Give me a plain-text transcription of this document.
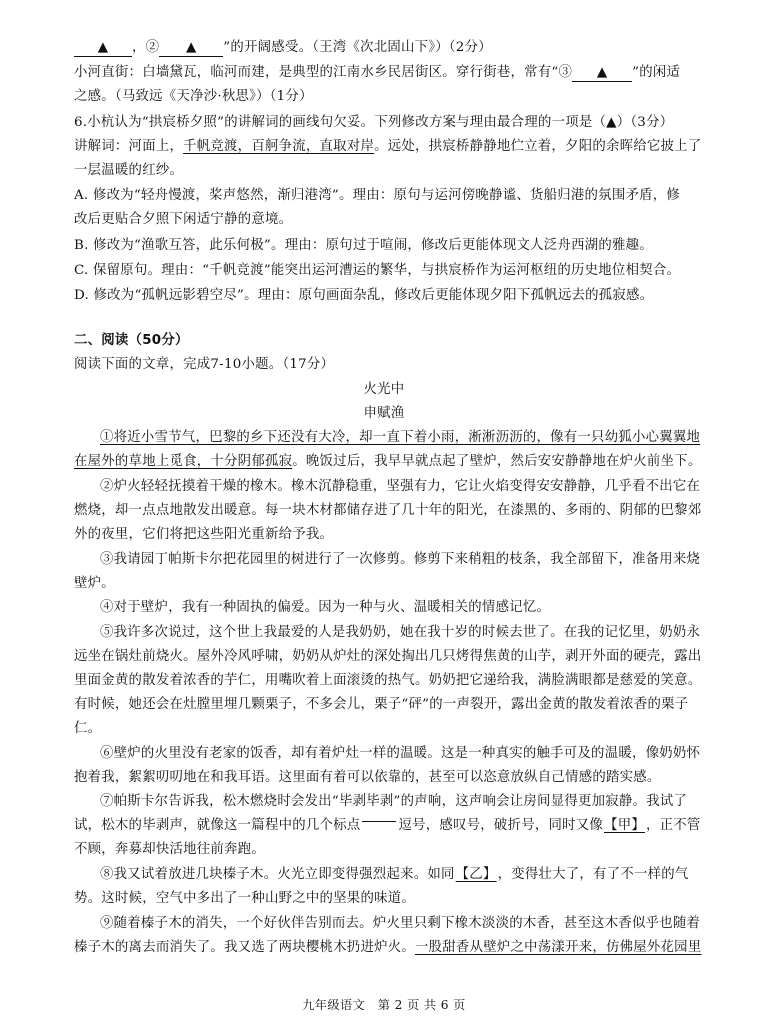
▲ ，② ▲ ”的开阔感受。（王湾《次北固山下》）（2分）
小河直街：白墙黛瓦，临河而建，是典型的江南水乡民居街区。穿行街巷，常有“③ ▲ ”的闲适
之感。（马致远《天净沙·秋思》）（1分）
6.小杭认为“拱宸桥夕照”的讲解词的画线句欠妥。下列修改方案与理由最合理的一项是（▲）（3分）
讲解词：河面上，千帆竞渡，百舸争流，直取对岸。远处，拱宸桥静静地伫立着，夕阳的余晖给它披上了
一层温暖的红纱。
A. 修改为“轻舟慢渡，桨声悠然，渐归港湾”。理由：原句与运河傍晚静谧、货船归港的氛围矛盾，修
改后更贴合夕照下闲适宁静的意境。
B. 修改为“渔歌互答，此乐何极”。理由：原句过于喧闹，修改后更能体现文人泛舟西湖的雅趣。
C. 保留原句。理由：“千帆竞渡”能突出运河漕运的繁华，与拱宸桥作为运河枢纽的历史地位相契合。
D. 修改为“孤帆远影碧空尽”。理由：原句画面杂乱，修改后更能体现夕阳下孤帆远去的孤寂感。
二、阅读（50分）
阅读下面的文章，完成7-10小题。（17分）
火光中
申赋渔
①将近小雪节气，巴黎的乡下还没有大冷，却一直下着小雨，淅淅沥沥的，像有一只幼狐小心翼翼地
在屋外的草地上觅食，十分阴郁孤寂。晚饭过后，我早早就点起了壁炉，然后安安静静地在炉火前坐下。
②炉火轻轻抚摸着干燥的橡木。橡木沉静稳重，坚强有力，它让火焰变得安安静静，几乎看不出它在
燃烧，却一点点地散发出暖意。每一块木材都储存进了几十年的阳光，在漆黑的、多雨的、阴郁的巴黎郊
外的夜里，它们将把这些阳光重新给予我。
③我请园丁帕斯卡尔把花园里的树进行了一次修剪。修剪下来稍粗的枝条，我全部留下，准备用来烧
壁炉。
④对于壁炉，我有一种固执的偏爱。因为一种与火、温暖相关的情感记忆。
⑤我许多次说过，这个世上我最爱的人是我奶奶，她在我十岁的时候去世了。在我的记忆里，奶奶永
远坐在锅灶前烧火。屋外冷风呼啸，奶奶从炉灶的深处掏出几只烤得焦黄的山芋，剥开外面的硬壳，露出
里面金黄的散发着浓香的芋仁，用嘴吹着上面滚烫的热气。奶奶把它递给我，满脸满眼都是慈爱的笑意。
有时候，她还会在灶膛里埋几颗栗子，不多会儿，栗子“砰”的一声裂开，露出金黄的散发着浓香的栗子
仁。
⑥壁炉的火里没有老家的饭香，却有着炉灶一样的温暖。这是一种真实的触手可及的温暖，像奶奶怀
抱着我，絮絮叨叨地在和我耳语。这里面有着可以依靠的，甚至可以恣意放纵自己情感的踏实感。
⑦帕斯卡尔告诉我，松木燃烧时会发出“毕剥毕剥”的声响，这声响会让房间显得更加寂静。我试了
试，松木的毕剥声，就像这一篇程中的几个标点	逗号，感叹号，破折号，同时又像【甲】，正不管
不顾，奔募却快活地往前奔跑。
⑧我又试着放进几块榛子木。火光立即变得强烈起来。如同【乙】，变得壮大了，有了不一样的气
势。这时候，空气中多出了一种山野之中的坚果的味道。
⑨随着榛子木的消失，一个好伙伴告别而去。炉火里只剩下橡木淡淡的木香，甚至这木香似乎也随着
榛子木的离去而消失了。我又选了两块樱桃木扔进炉火。一股甜香从壁炉之中荡漾开来，仿佛屋外花园里
九年级语文　第 2 页 共 6 页
